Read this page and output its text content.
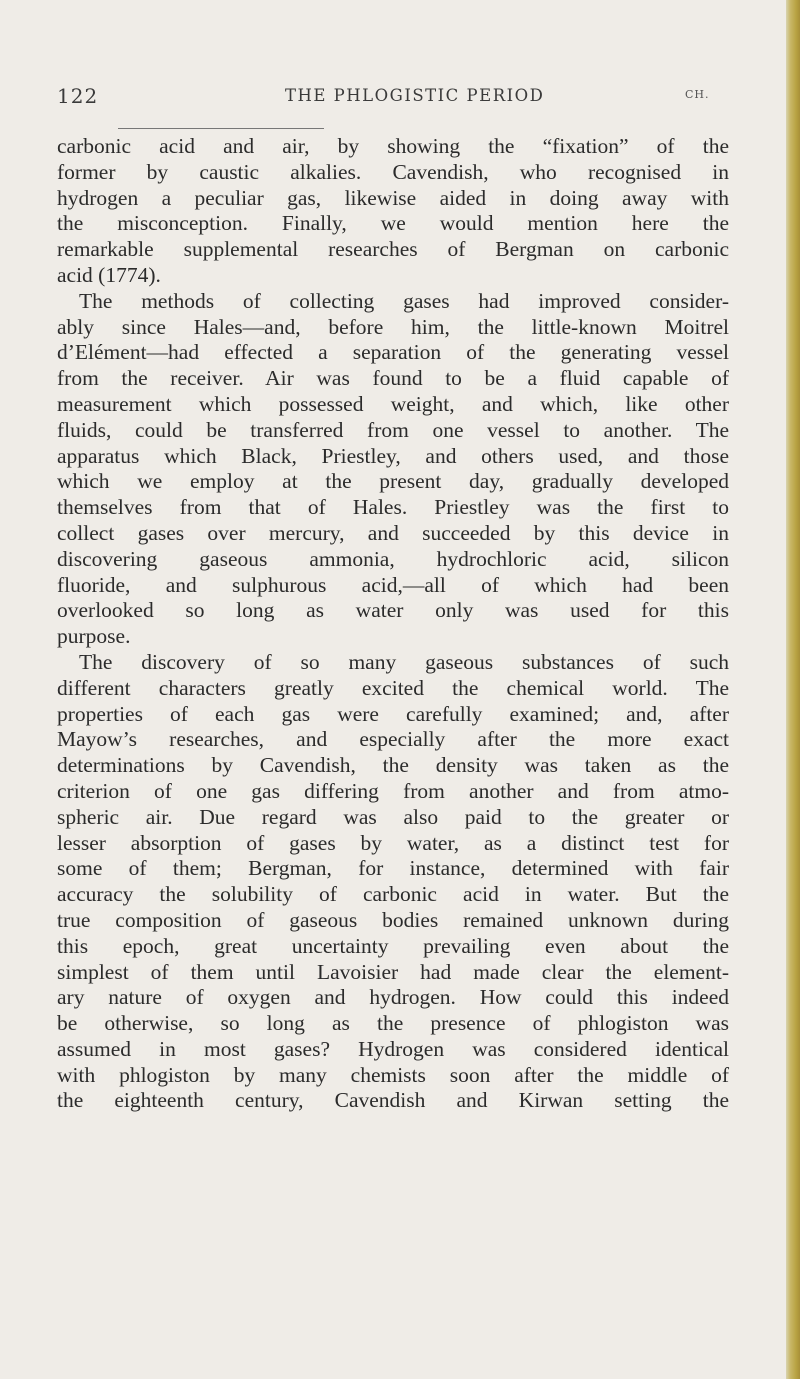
122	THE PHLOGISTIC PERIOD	CH.
carbonic acid and air, by showing the “fixation” of the
former by caustic alkalies. Cavendish, who recognised in
hydrogen a peculiar gas, likewise aided in doing away with
the misconception. Finally, we would mention here the
remarkable supplemental researches of Bergman on carbonic
acid (1774).
The methods of collecting gases had improved consider-
ably since Hales—and, before him, the little-known Moitrel
d’Elément—had effected a separation of the generating vessel
from the receiver. Air was found to be a fluid capable of
measurement which possessed weight, and which, like other
fluids, could be transferred from one vessel to another. The
apparatus which Black, Priestley, and others used, and those
which we employ at the present day, gradually developed
themselves from that of Hales. Priestley was the first to
collect gases over mercury, and succeeded by this device in
discovering gaseous ammonia, hydrochloric acid, silicon
fluoride, and sulphurous acid,—all of which had been
overlooked so long as water only was used for this
purpose.
The discovery of so many gaseous substances of such
different characters greatly excited the chemical world. The
properties of each gas were carefully examined; and, after
Mayow’s researches, and especially after the more exact
determinations by Cavendish, the density was taken as the
criterion of one gas differing from another and from atmo-
spheric air. Due regard was also paid to the greater or
lesser absorption of gases by water, as a distinct test for
some of them; Bergman, for instance, determined with fair
accuracy the solubility of carbonic acid in water. But the
true composition of gaseous bodies remained unknown during
this epoch, great uncertainty prevailing even about the
simplest of them until Lavoisier had made clear the element-
ary nature of oxygen and hydrogen. How could this indeed
be otherwise, so long as the presence of phlogiston was
assumed in most gases? Hydrogen was considered identical
with phlogiston by many chemists soon after the middle of
the eighteenth century, Cavendish and Kirwan setting the
